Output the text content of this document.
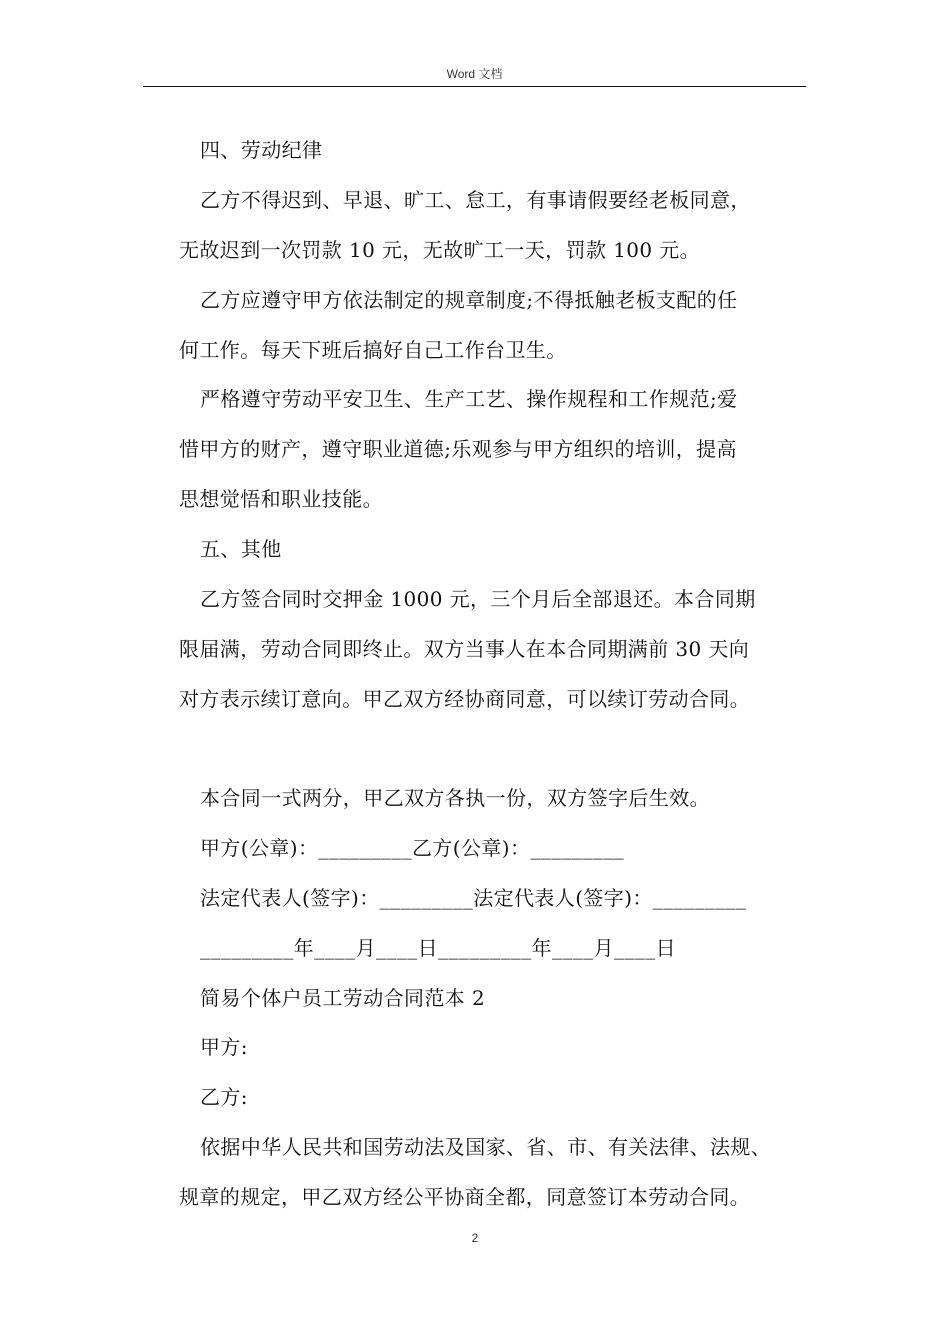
Word 文档
四、劳动纪律
乙方不得迟到、早退、旷工、怠工，有事请假要经老板同意，
无故迟到一次罚款 10 元，无故旷工一天，罚款 100 元。
乙方应遵守甲方依法制定的规章制度;不得抵触老板支配的任
何工作。每天下班后搞好自己工作台卫生。
严格遵守劳动平安卫生、生产工艺、操作规程和工作规范;爱
惜甲方的财产，遵守职业道德;乐观参与甲方组织的培训，提高
思想觉悟和职业技能。
五、其他
乙方签合同时交押金 1000 元，三个月后全部退还。本合同期
限届满，劳动合同即终止。双方当事人在本合同期满前 30 天向
对方表示续订意向。甲乙双方经协商同意，可以续订劳动合同。
本合同一式两分，甲乙双方各执一份，双方签字后生效。
甲方(公章)：_________乙方(公章)：_________
法定代表人(签字)：_________法定代表人(签字)：_________
_________年____月____日_________年____月____日
简易个体户员工劳动合同范本 2
甲方:
乙方:
依据中华人民共和国劳动法及国家、省、市、有关法律、法规、
规章的规定，甲乙双方经公平协商全都，同意签订本劳动合同。
2
